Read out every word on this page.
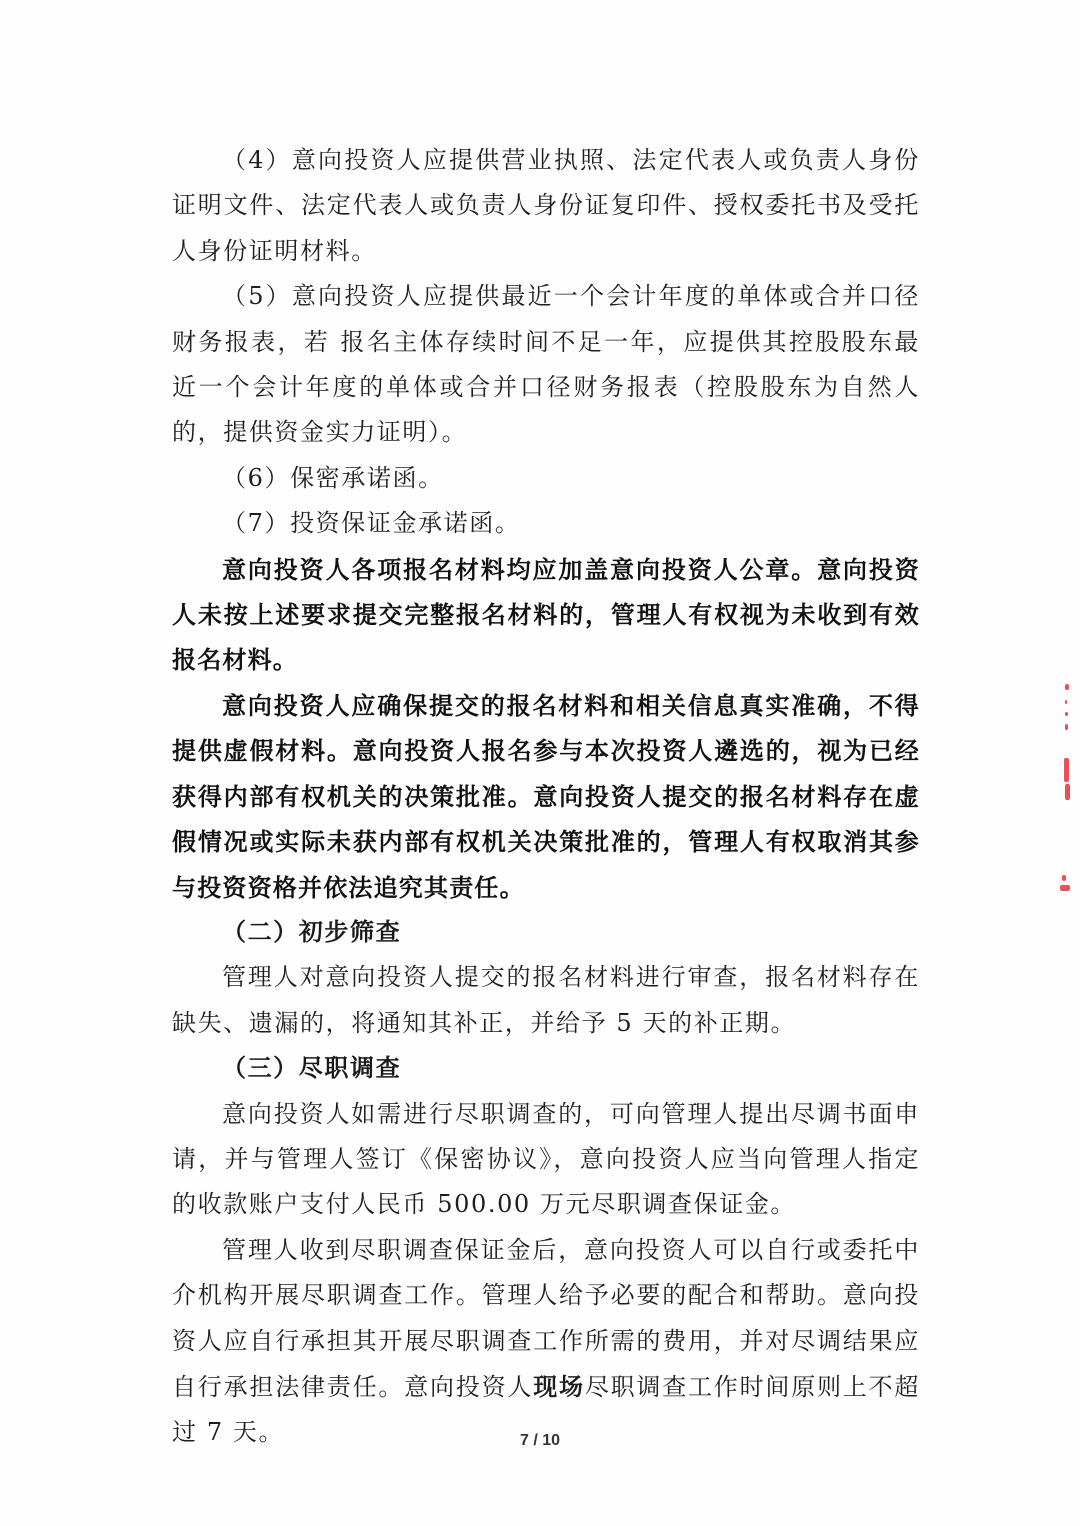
（4）意向投资人应提供营业执照、法定代表人或负责人身份证明文件、法定代表人或负责人身份证复印件、授权委托书及受托人身份证明材料。

（5）意向投资人应提供最近一个会计年度的单体或合并口径财务报表，若 报名主体存续时间不足一年，应提供其控股股东最近一个会计年度的单体或合并口径财务报表（控股股东为自然人的，提供资金实力证明）。

（6）保密承诺函。

（7）投资保证金承诺函。

意向投资人各项报名材料均应加盖意向投资人公章。意向投资人未按上述要求提交完整报名材料的，管理人有权视为未收到有效报名材料。

意向投资人应确保提交的报名材料和相关信息真实准确，不得提供虚假材料。意向投资人报名参与本次投资人遴选的，视为已经获得内部有权机关的决策批准。意向投资人提交的报名材料存在虚假情况或实际未获内部有权机关决策批准的，管理人有权取消其参与投资资格并依法追究其责任。

（二）初步筛查

管理人对意向投资人提交的报名材料进行审查，报名材料存在缺失、遗漏的，将通知其补正，并给予 5 天的补正期。

（三）尽职调查

意向投资人如需进行尽职调查的，可向管理人提出尽调书面申请，并与管理人签订《保密协议》，意向投资人应当向管理人指定的收款账户支付人民币 500.00 万元尽职调查保证金。

管理人收到尽职调查保证金后，意向投资人可以自行或委托中介机构开展尽职调查工作。管理人给予必要的配合和帮助。意向投资人应自行承担其开展尽职调查工作所需的费用，并对尽调结果应自行承担法律责任。意向投资人现场尽职调查工作时间原则上不超过 7 天。	7 / 10
